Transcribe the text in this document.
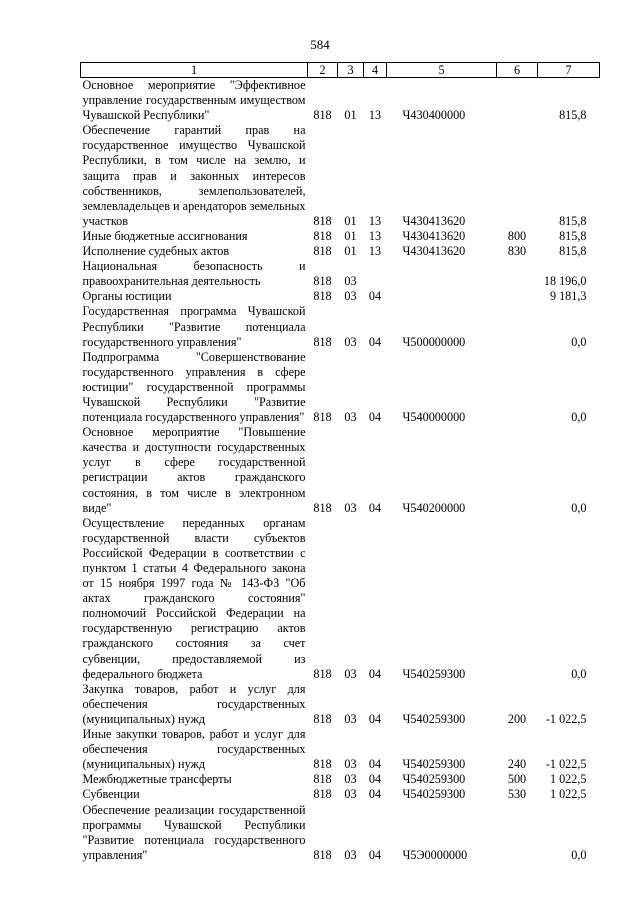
584
1	2	3	4	5	6	7
Основное мероприятие "Эффективное управление государственным имуществом Чувашской Республики"	818	01	13	Ч430400000		815,8
Обеспечение гарантий прав на государственное имущество Чувашской Республики, в том числе на землю, и защита прав и законных интересов собственников, землепользователей, землевладельцев и арендаторов земельных участков	818	01	13	Ч430413620		815,8
Иные бюджетные ассигнования	818	01	13	Ч430413620	800	815,8
Исполнение судебных актов	818	01	13	Ч430413620	830	815,8
Национальная безопасность и правоохранительная деятельность	818	03				18 196,0
Органы юстиции	818	03	04			9 181,3
Государственная программа Чувашской Республики "Развитие потенциала государственного управления"	818	03	04	Ч500000000		0,0
Подпрограмма "Совершенствование государственного управления в сфере юстиции" государственной программы Чувашской Республики "Развитие потенциала государственного управления"	818	03	04	Ч540000000		0,0
Основное мероприятие "Повышение качества и доступности государственных услуг в сфере государственной регистрации актов гражданского состояния, в том числе в электронном виде"	818	03	04	Ч540200000		0,0
Осуществление переданных органам государственной власти субъектов Российской Федерации в соответствии с пунктом 1 статьи 4 Федерального закона от 15 ноября 1997 года № 143-ФЗ "Об актах гражданского состояния" полномочий Российской Федерации на государственную регистрацию актов гражданского состояния за счет субвенции, предоставляемой из федерального бюджета	818	03	04	Ч540259300		0,0
Закупка товаров, работ и услуг для обеспечения государственных (муниципальных) нужд	818	03	04	Ч540259300	200	-1 022,5
Иные закупки товаров, работ и услуг для обеспечения государственных (муниципальных) нужд	818	03	04	Ч540259300	240	-1 022,5
Межбюджетные трансферты	818	03	04	Ч540259300	500	1 022,5
Субвенции	818	03	04	Ч540259300	530	1 022,5
Обеспечение реализации государственной программы Чувашской Республики "Развитие потенциала государственного управления"	818	03	04	Ч5Э0000000		0,0
